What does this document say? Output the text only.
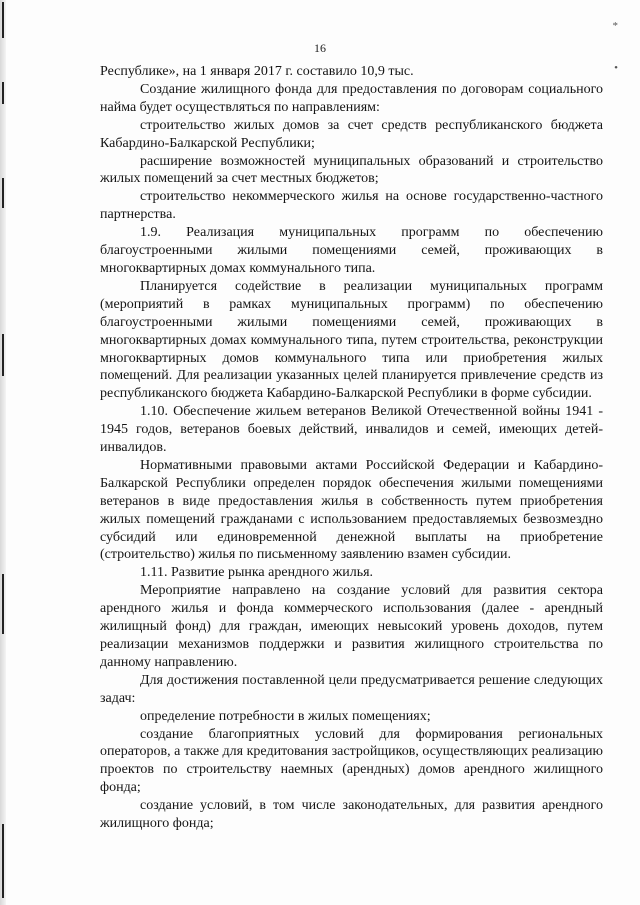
16
*
•

Республике», на 1 января 2017 г. составило 10,9 тыс.

Создание жилищного фонда для предоставления по договорам социального найма будет осуществляться по направлениям:

строительство жилых домов за счет средств республиканского бюджета Кабардино-Балкарской Республики;

расширение возможностей муниципальных образований и строительство жилых помещений за счет местных бюджетов;

строительство некоммерческого жилья на основе государственно-частного партнерства.

1.9. Реализация муниципальных программ по обеспечению благоустроенными жилыми помещениями семей, проживающих в многоквартирных домах коммунального типа.

Планируется содействие в реализации муниципальных программ (мероприятий в рамках муниципальных программ) по обеспечению благоустроенными жилыми помещениями семей, проживающих в многоквартирных домах коммунального типа, путем строительства, реконструкции многоквартирных домов коммунального типа или приобретения жилых помещений. Для реализации указанных целей планируется привлечение средств из республиканского бюджета Кабардино-Балкарской Республики в форме субсидии.

1.10. Обеспечение жильем ветеранов Великой Отечественной войны 1941 - 1945 годов, ветеранов боевых действий, инвалидов и семей, имеющих детей-инвалидов.

Нормативными правовыми актами Российской Федерации и Кабардино-Балкарской Республики определен порядок обеспечения жилыми помещениями ветеранов в виде предоставления жилья в собственность путем приобретения жилых помещений гражданами с использованием предоставляемых безвозмездно субсидий или единовременной денежной выплаты на приобретение (строительство) жилья по письменному заявлению взамен субсидии.

1.11. Развитие рынка арендного жилья.

Мероприятие направлено на создание условий для развития сектора арендного жилья и фонда коммерческого использования (далее - арендный жилищный фонд) для граждан, имеющих невысокий уровень доходов, путем реализации механизмов поддержки и развития жилищного строительства по данному направлению.

Для достижения поставленной цели предусматривается решение следующих задач:

определение потребности в жилых помещениях;

создание благоприятных условий для формирования региональных операторов, а также для кредитования застройщиков, осуществляющих реализацию проектов по строительству наемных (арендных) домов арендного жилищного фонда;

создание условий, в том числе законодательных, для развития арендного жилищного фонда;
